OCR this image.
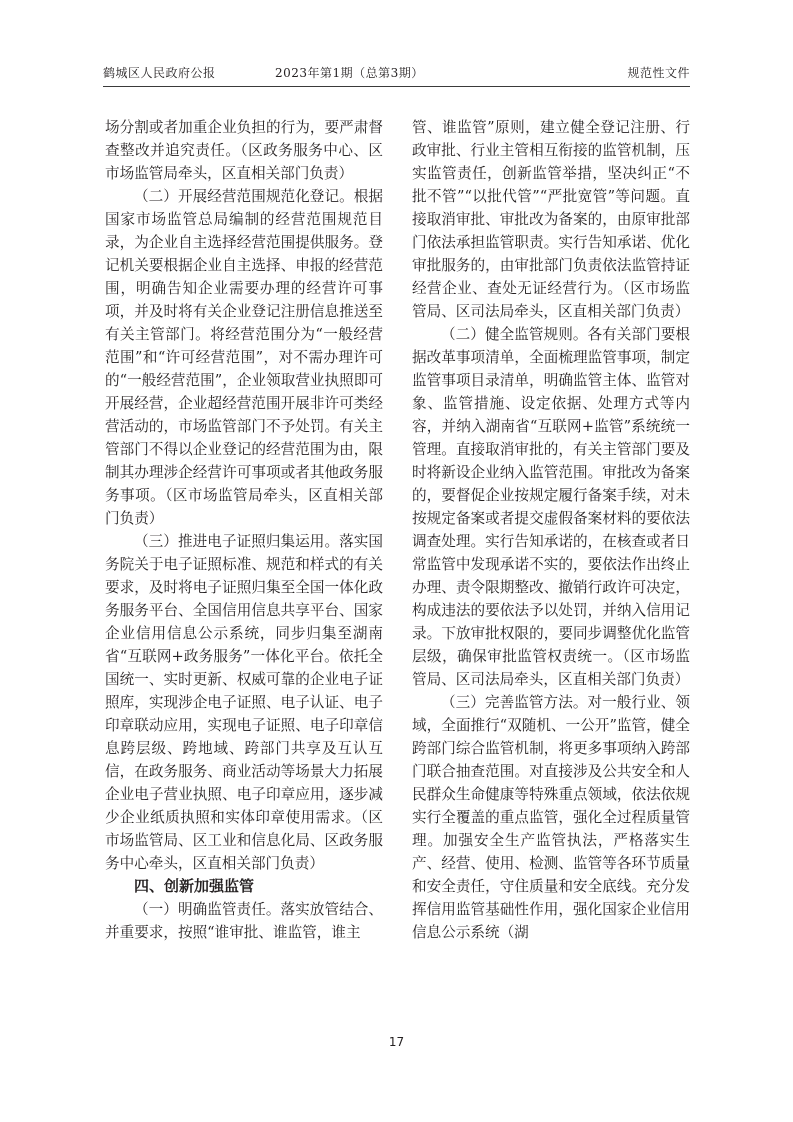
鹤城区人民政府公报	2023年第1期（总第3期）	规范性文件

场分割或者加重企业负担的行为，要严肃督查整改并追究责任。（区政务服务中心、区市场监管局牵头，区直相关部门负责）

（二）开展经营范围规范化登记。根据国家市场监管总局编制的经营范围规范目录，为企业自主选择经营范围提供服务。登记机关要根据企业自主选择、申报的经营范围，明确告知企业需要办理的经营许可事项，并及时将有关企业登记注册信息推送至有关主管部门。将经营范围分为“一般经营范围”和“许可经营范围”，对不需办理许可的“一般经营范围”，企业领取营业执照即可开展经营，企业超经营范围开展非许可类经营活动的，市场监管部门不予处罚。有关主管部门不得以企业登记的经营范围为由，限制其办理涉企经营许可事项或者其他政务服务事项。（区市场监管局牵头，区直相关部门负责）

（三）推进电子证照归集运用。落实国务院关于电子证照标准、规范和样式的有关要求，及时将电子证照归集至全国一体化政务服务平台、全国信用信息共享平台、国家企业信用信息公示系统，同步归集至湖南省“互联网+政务服务”一体化平台。依托全国统一、实时更新、权威可靠的企业电子证照库，实现涉企电子证照、电子认证、电子印章联动应用，实现电子证照、电子印章信息跨层级、跨地域、跨部门共享及互认互信，在政务服务、商业活动等场景大力拓展企业电子营业执照、电子印章应用，逐步减少企业纸质执照和实体印章使用需求。（区市场监管局、区工业和信息化局、区政务服务中心牵头，区直相关部门负责）

四、创新加强监管

（一）明确监管责任。落实放管结合、并重要求，按照“谁审批、谁监管，谁主

管、谁监管”原则，建立健全登记注册、行政审批、行业主管相互衔接的监管机制，压实监管责任，创新监管举措，坚决纠正“不批不管”“以批代管”“严批宽管”等问题。直接取消审批、审批改为备案的，由原审批部门依法承担监管职责。实行告知承诺、优化审批服务的，由审批部门负责依法监管持证经营企业、查处无证经营行为。（区市场监管局、区司法局牵头，区直相关部门负责）

（二）健全监管规则。各有关部门要根据改革事项清单，全面梳理监管事项，制定监管事项目录清单，明确监管主体、监管对象、监管措施、设定依据、处理方式等内容，并纳入湖南省“互联网+监管”系统统一管理。直接取消审批的，有关主管部门要及时将新设企业纳入监管范围。审批改为备案的，要督促企业按规定履行备案手续，对未按规定备案或者提交虚假备案材料的要依法调查处理。实行告知承诺的，在核查或者日常监管中发现承诺不实的，要依法作出终止办理、责令限期整改、撤销行政许可决定，构成违法的要依法予以处罚，并纳入信用记录。下放审批权限的，要同步调整优化监管层级，确保审批监管权责统一。（区市场监管局、区司法局牵头，区直相关部门负责）

（三）完善监管方法。对一般行业、领域，全面推行“双随机、一公开”监管，健全跨部门综合监管机制，将更多事项纳入跨部门联合抽查范围。对直接涉及公共安全和人民群众生命健康等特殊重点领域，依法依规实行全覆盖的重点监管，强化全过程质量管理。加强安全生产监管执法，严格落实生产、经营、使用、检测、监管等各环节质量和安全责任，守住质量和安全底线。充分发挥信用监管基础性作用，强化国家企业信用信息公示系统（湖

17
